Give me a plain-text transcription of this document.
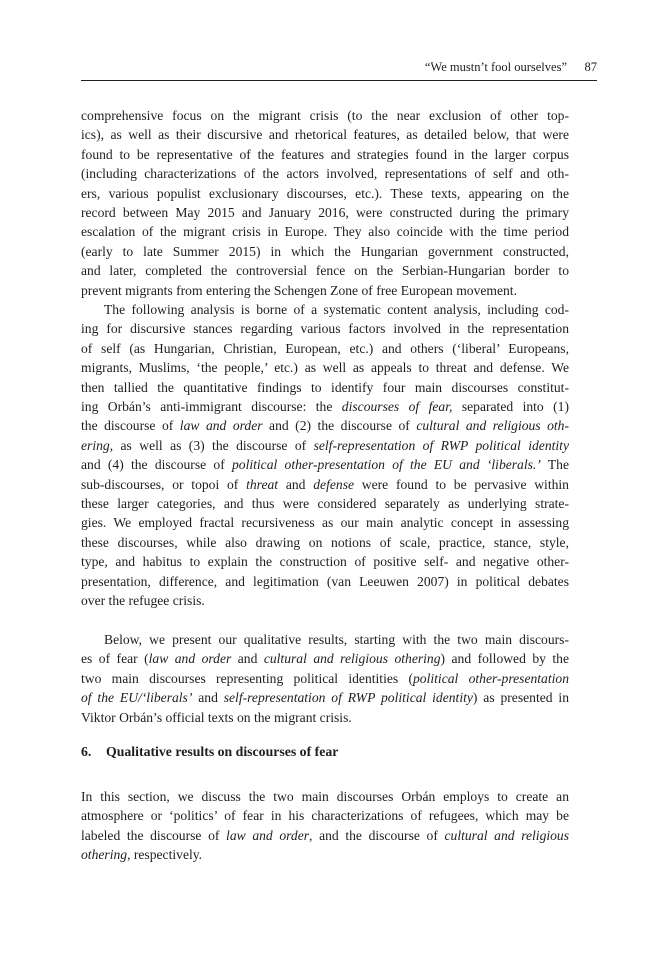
“We mustn’t fool ourselves” 87
comprehensive focus on the migrant crisis (to the near exclusion of other top-
ics), as well as their discursive and rhetorical features, as detailed below, that were
found to be representative of the features and strategies found in the larger corpus
(including characterizations of the actors involved, representations of self and oth-
ers, various populist exclusionary discourses, etc.). These texts, appearing on the
record between May 2015 and January 2016, were constructed during the primary
escalation of the migrant crisis in Europe. They also coincide with the time period
(early to late Summer 2015) in which the Hungarian government constructed,
and later, completed the controversial fence on the Serbian-Hungarian border to
prevent migrants from entering the Schengen Zone of free European movement.
The following analysis is borne of a systematic content analysis, including cod-
ing for discursive stances regarding various factors involved in the representation
of self (as Hungarian, Christian, European, etc.) and others (‘liberal’ Europeans,
migrants, Muslims, ‘the people,’ etc.) as well as appeals to threat and defense. We
then tallied the quantitative findings to identify four main discourses constitut-
ing Orbán’s anti-immigrant discourse: the discourses of fear, separated into (1)
the discourse of law and order and (2) the discourse of cultural and religious oth-
ering, as well as (3) the discourse of self-representation of RWP political identity
and (4) the discourse of political other-presentation of the EU and ‘liberals.’ The
sub-discourses, or topoi of threat and defense were found to be pervasive within
these larger categories, and thus were considered separately as underlying strate-
gies. We employed fractal recursiveness as our main analytic concept in assessing
these discourses, while also drawing on notions of scale, practice, stance, style,
type, and habitus to explain the construction of positive self- and negative other-
presentation, difference, and legitimation (van Leeuwen 2007) in political debates
over the refugee crisis.
Below, we present our qualitative results, starting with the two main discours-
es of fear (law and order and cultural and religious othering) and followed by the
two main discourses representing political identities (political other-presentation
of the EU/‘liberals’ and self-representation of RWP political identity) as presented in
Viktor Orbán’s official texts on the migrant crisis.
In this section, we discuss the two main discourses Orbán employs to create an
atmosphere or ‘politics’ of fear in his characterizations of refugees, which may be
labeled the discourse of law and order, and the discourse of cultural and religious
othering, respectively.
6. Qualitative results on discourses of fear
